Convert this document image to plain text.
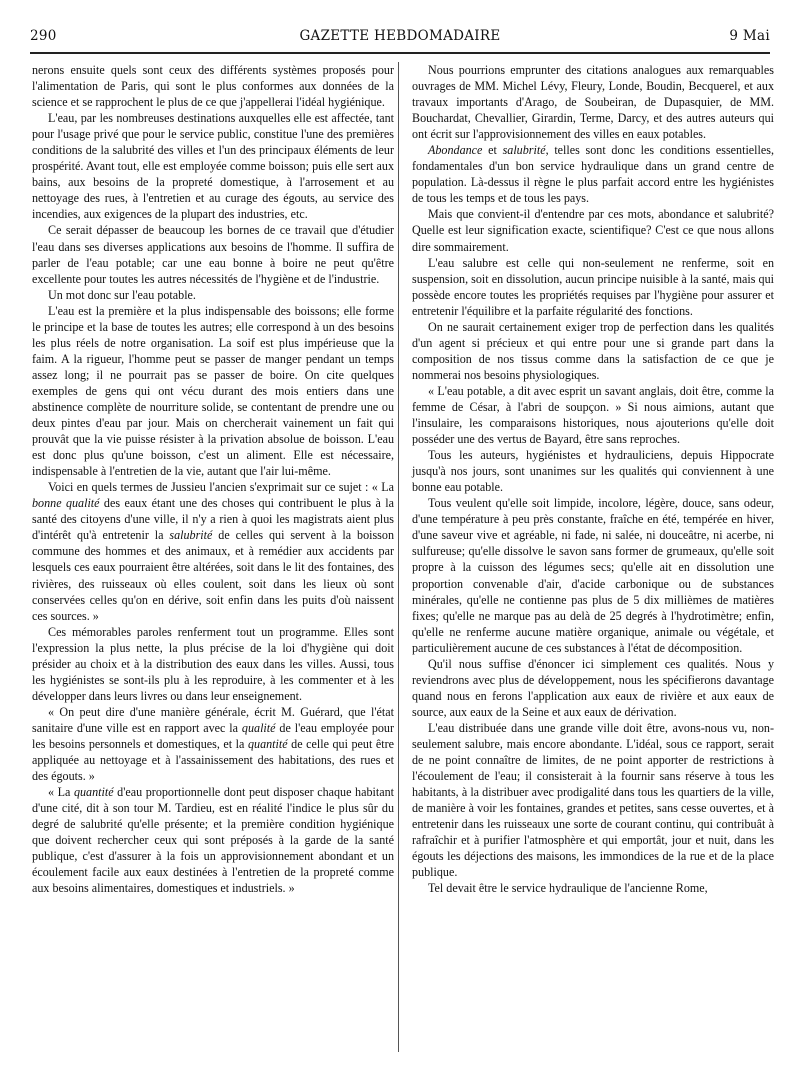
290	GAZETTE HEBDOMADAIRE	9 Mai

nerons ensuite quels sont ceux des différents systèmes proposés pour l'alimentation de Paris, qui sont le plus conformes aux données de la science et se rapprochent le plus de ce que j'appellerai l'idéal hygiénique.

L'eau, par les nombreuses destinations auxquelles elle est affectée, tant pour l'usage privé que pour le service public, constitue l'une des premières conditions de la salubrité des villes et l'un des principaux éléments de leur prospérité. Avant tout, elle est employée comme boisson; puis elle sert aux bains, aux besoins de la propreté domestique, à l'arrosement et au nettoyage des rues, à l'entretien et au curage des égouts, au service des incendies, aux exigences de la plupart des industries, etc.

Ce serait dépasser de beaucoup les bornes de ce travail que d'étudier l'eau dans ses diverses applications aux besoins de l'homme. Il suffira de parler de l'eau potable; car une eau bonne à boire ne peut qu'être excellente pour toutes les autres nécessités de l'hygiène et de l'industrie.

Un mot donc sur l'eau potable.

L'eau est la première et la plus indispensable des boissons; elle forme le principe et la base de toutes les autres; elle correspond à un des besoins les plus réels de notre organisation. La soif est plus impérieuse que la faim. A la rigueur, l'homme peut se passer de manger pendant un temps assez long; il ne pourrait pas se passer de boire. On cite quelques exemples de gens qui ont vécu durant des mois entiers dans une abstinence complète de nourriture solide, se contentant de prendre une ou deux pintes d'eau par jour. Mais on chercherait vainement un fait qui prouvât que la vie puisse résister à la privation absolue de boisson. L'eau est donc plus qu'une boisson, c'est un aliment. Elle est nécessaire, indispensable à l'entretien de la vie, autant que l'air lui-même.

Voici en quels termes de Jussieu l'ancien s'exprimait sur ce sujet : « La bonne qualité des eaux étant une des choses qui contribuent le plus à la santé des citoyens d'une ville, il n'y a rien à quoi les magistrats aient plus d'intérêt qu'à entretenir la salubrité de celles qui servent à la boisson commune des hommes et des animaux, et à remédier aux accidents par lesquels ces eaux pourraient être altérées, soit dans le lit des fontaines, des rivières, des ruisseaux où elles coulent, soit dans les lieux où sont conservées celles qu'on en dérive, soit enfin dans les puits d'où naissent ces sources. »

Ces mémorables paroles renferment tout un programme. Elles sont l'expression la plus nette, la plus précise de la loi d'hygiène qui doit présider au choix et à la distribution des eaux dans les villes. Aussi, tous les hygiénistes se sont-ils plu à les reproduire, à les commenter et à les développer dans leurs livres ou dans leur enseignement.

« On peut dire d'une manière générale, écrit M. Guérard, que l'état sanitaire d'une ville est en rapport avec la qualité de l'eau employée pour les besoins personnels et domestiques, et la quantité de celle qui peut être appliquée au nettoyage et à l'assainissement des habitations, des rues et des égouts. »

« La quantité d'eau proportionnelle dont peut disposer chaque habitant d'une cité, dit à son tour M. Tardieu, est en réalité l'indice le plus sûr du degré de salubrité qu'elle présente; et la première condition hygiénique que doivent rechercher ceux qui sont préposés à la garde de la santé publique, c'est d'assurer à la fois un approvisionnement abondant et un écoulement facile aux eaux destinées à l'entretien de la propreté comme aux besoins alimentaires, domestiques et industriels. »

Nous pourrions emprunter des citations analogues aux remarquables ouvrages de MM. Michel Lévy, Fleury, Londe, Boudin, Becquerel, et aux travaux importants d'Arago, de Soubeiran, de Dupasquier, de MM. Bouchardat, Chevallier, Girardin, Terme, Darcy, et des autres auteurs qui ont écrit sur l'approvisionnement des villes en eaux potables.

Abondance et salubrité, telles sont donc les conditions essentielles, fondamentales d'un bon service hydraulique dans un grand centre de population. Là-dessus il règne le plus parfait accord entre les hygiénistes de tous les temps et de tous les pays.

Mais que convient-il d'entendre par ces mots, abondance et salubrité? Quelle est leur signification exacte, scientifique? C'est ce que nous allons dire sommairement.

L'eau salubre est celle qui non-seulement ne renferme, soit en suspension, soit en dissolution, aucun principe nuisible à la santé, mais qui possède encore toutes les propriétés requises par l'hygiène pour assurer et entretenir l'équilibre et la parfaite régularité des fonctions.

On ne saurait certainement exiger trop de perfection dans les qualités d'un agent si précieux et qui entre pour une si grande part dans la composition de nos tissus comme dans la satisfaction de ce que je nommerai nos besoins physiologiques.

« L'eau potable, a dit avec esprit un savant anglais, doit être, comme la femme de César, à l'abri de soupçon. » Si nous aimions, autant que l'insulaire, les comparaisons historiques, nous ajouterions qu'elle doit posséder une des vertus de Bayard, être sans reproches.

Tous les auteurs, hygiénistes et hydrauliciens, depuis Hippocrate jusqu'à nos jours, sont unanimes sur les qualités qui conviennent à une bonne eau potable.

Tous veulent qu'elle soit limpide, incolore, légère, douce, sans odeur, d'une température à peu près constante, fraîche en été, tempérée en hiver, d'une saveur vive et agréable, ni fade, ni salée, ni douceâtre, ni acerbe, ni sulfureuse; qu'elle dissolve le savon sans former de grumeaux, qu'elle soit propre à la cuisson des légumes secs; qu'elle ait en dissolution une proportion convenable d'air, d'acide carbonique ou de substances minérales, qu'elle ne contienne pas plus de 5 dix millièmes de matières fixes; qu'elle ne marque pas au delà de 25 degrés à l'hydrotimètre; enfin, qu'elle ne renferme aucune matière organique, animale ou végétale, et particulièrement aucune de ces substances à l'état de décomposition.

Qu'il nous suffise d'énoncer ici simplement ces qualités. Nous y reviendrons avec plus de développement, nous les spécifierons davantage quand nous en ferons l'application aux eaux de rivière et aux eaux de source, aux eaux de la Seine et aux eaux de dérivation.

L'eau distribuée dans une grande ville doit être, avons-nous vu, non-seulement salubre, mais encore abondante. L'idéal, sous ce rapport, serait de ne point connaître de limites, de ne point apporter de restrictions à l'écoulement de l'eau; il consisterait à la fournir sans réserve à tous les habitants, à la distribuer avec prodigalité dans tous les quartiers de la ville, de manière à voir les fontaines, grandes et petites, sans cesse ouvertes, et à entretenir dans les ruisseaux une sorte de courant continu, qui contribuât à rafraîchir et à purifier l'atmosphère et qui emportât, jour et nuit, dans les égouts les déjections des maisons, les immondices de la rue et de la place publique.

Tel devait être le service hydraulique de l'ancienne Rome,
